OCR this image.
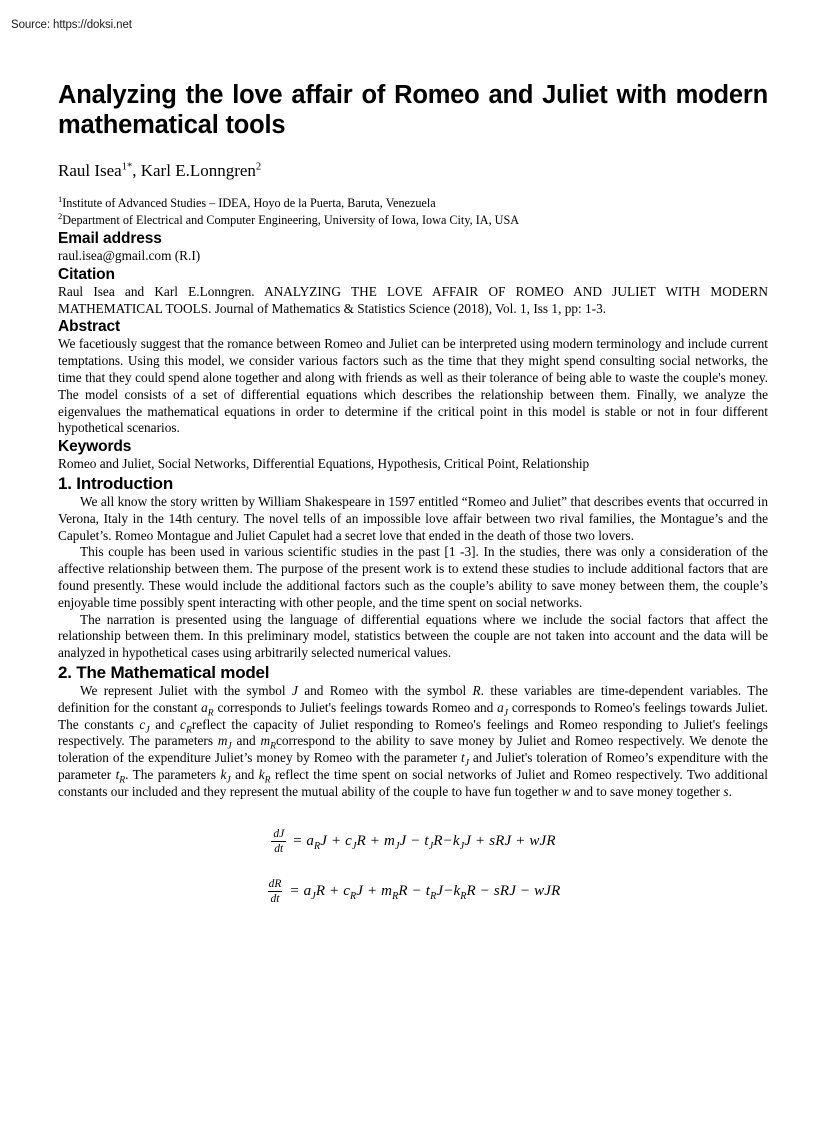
Source: https://doksi.net
Analyzing the love affair of Romeo and Juliet with modern mathematical tools
Raul Isea$^{1*}$, Karl E.Lonngren$^2$
$^1$Institute of Advanced Studies – IDEA, Hoyo de la Puerta, Baruta, Venezuela
$^2$Department of Electrical and Computer Engineering, University of Iowa, Iowa City, IA, USA
Email address

raul.isea@gmail.com (R.I)

Citation

Raul Isea and Karl E.Lonngren. ANALYZING THE LOVE AFFAIR OF ROMEO AND JULIET WITH MODERN MATHEMATICAL TOOLS. Journal of Mathematics & Statistics Science (2018), Vol. 1, Iss 1, pp: 1-3.

Abstract

We facetiously suggest that the romance between Romeo and Juliet can be interpreted using modern terminology and include current temptations. Using this model, we consider various factors such as the time that they might spend consulting social networks, the time that they could spend alone together and along with friends as well as their tolerance of being able to waste the couple's money. The model consists of a set of differential equations which describes the relationship between them. Finally, we analyze the eigenvalues the mathematical equations in order to determine if the critical point in this model is stable or not in four different hypothetical scenarios.

Keywords

Romeo and Juliet, Social Networks, Differential Equations, Hypothesis, Critical Point, Relationship

1. Introduction

We all know the story written by William Shakespeare in 1597 entitled “Romeo and Juliet” that describes events that occurred in Verona, Italy in the 14th century. The novel tells of an impossible love affair between two rival families, the Montague’s and the Capulet’s. Romeo Montague and Juliet Capulet had a secret love that ended in the death of those two lovers.

This couple has been used in various scientific studies in the past [1 -3]. In the studies, there was only a consideration of the affective relationship between them. The purpose of the present work is to extend these studies to include additional factors that are found presently. These would include the additional factors such as the couple’s ability to save money between them, the couple’s enjoyable time possibly spent interacting with other people, and the time spent on social networks.

The narration is presented using the language of differential equations where we include the social factors that affect the relationship between them. In this preliminary model, statistics between the couple are not taken into account and the data will be analyzed in hypothetical cases using arbitrarily selected numerical values.

2. The Mathematical model

We represent Juliet with the symbol J and Romeo with the symbol R. these variables are time-dependent variables. The definition for the constant $a_R$ corresponds to Juliet's feelings towards Romeo and $a_J$ corresponds to Romeo's feelings towards Juliet. The constants $c_J$ and $c_Rreflect$ the capacity of Juliet responding to Romeo's feelings and Romeo responding to Juliet's feelings respectively. The parameters $m_J$ and $m_Rcorrespond$ to the ability to save money by Juliet and Romeo respectively. We denote the toleration of the expenditure Juliet’s money by Romeo with the parameter $t_J$ and Juliet's toleration of Romeo’s expenditure with the parameter $t_R$. The parameters $k_J$ and $k_R$ reflect the time spent on social networks of Juliet and Romeo respectively. Two additional constants our included and they represent the mutual ability of the couple to have fun together w and to save money together s.

$\frac{dJ}{dt} = a_RJ + c_JR + m_JJ - t_JR-k_JJ$ + sRJ + wJR
$\frac{dR}{dt} = a_JR + c_RJ + m_RR - t_RJ-k_RR$ − sRJ − wJR
